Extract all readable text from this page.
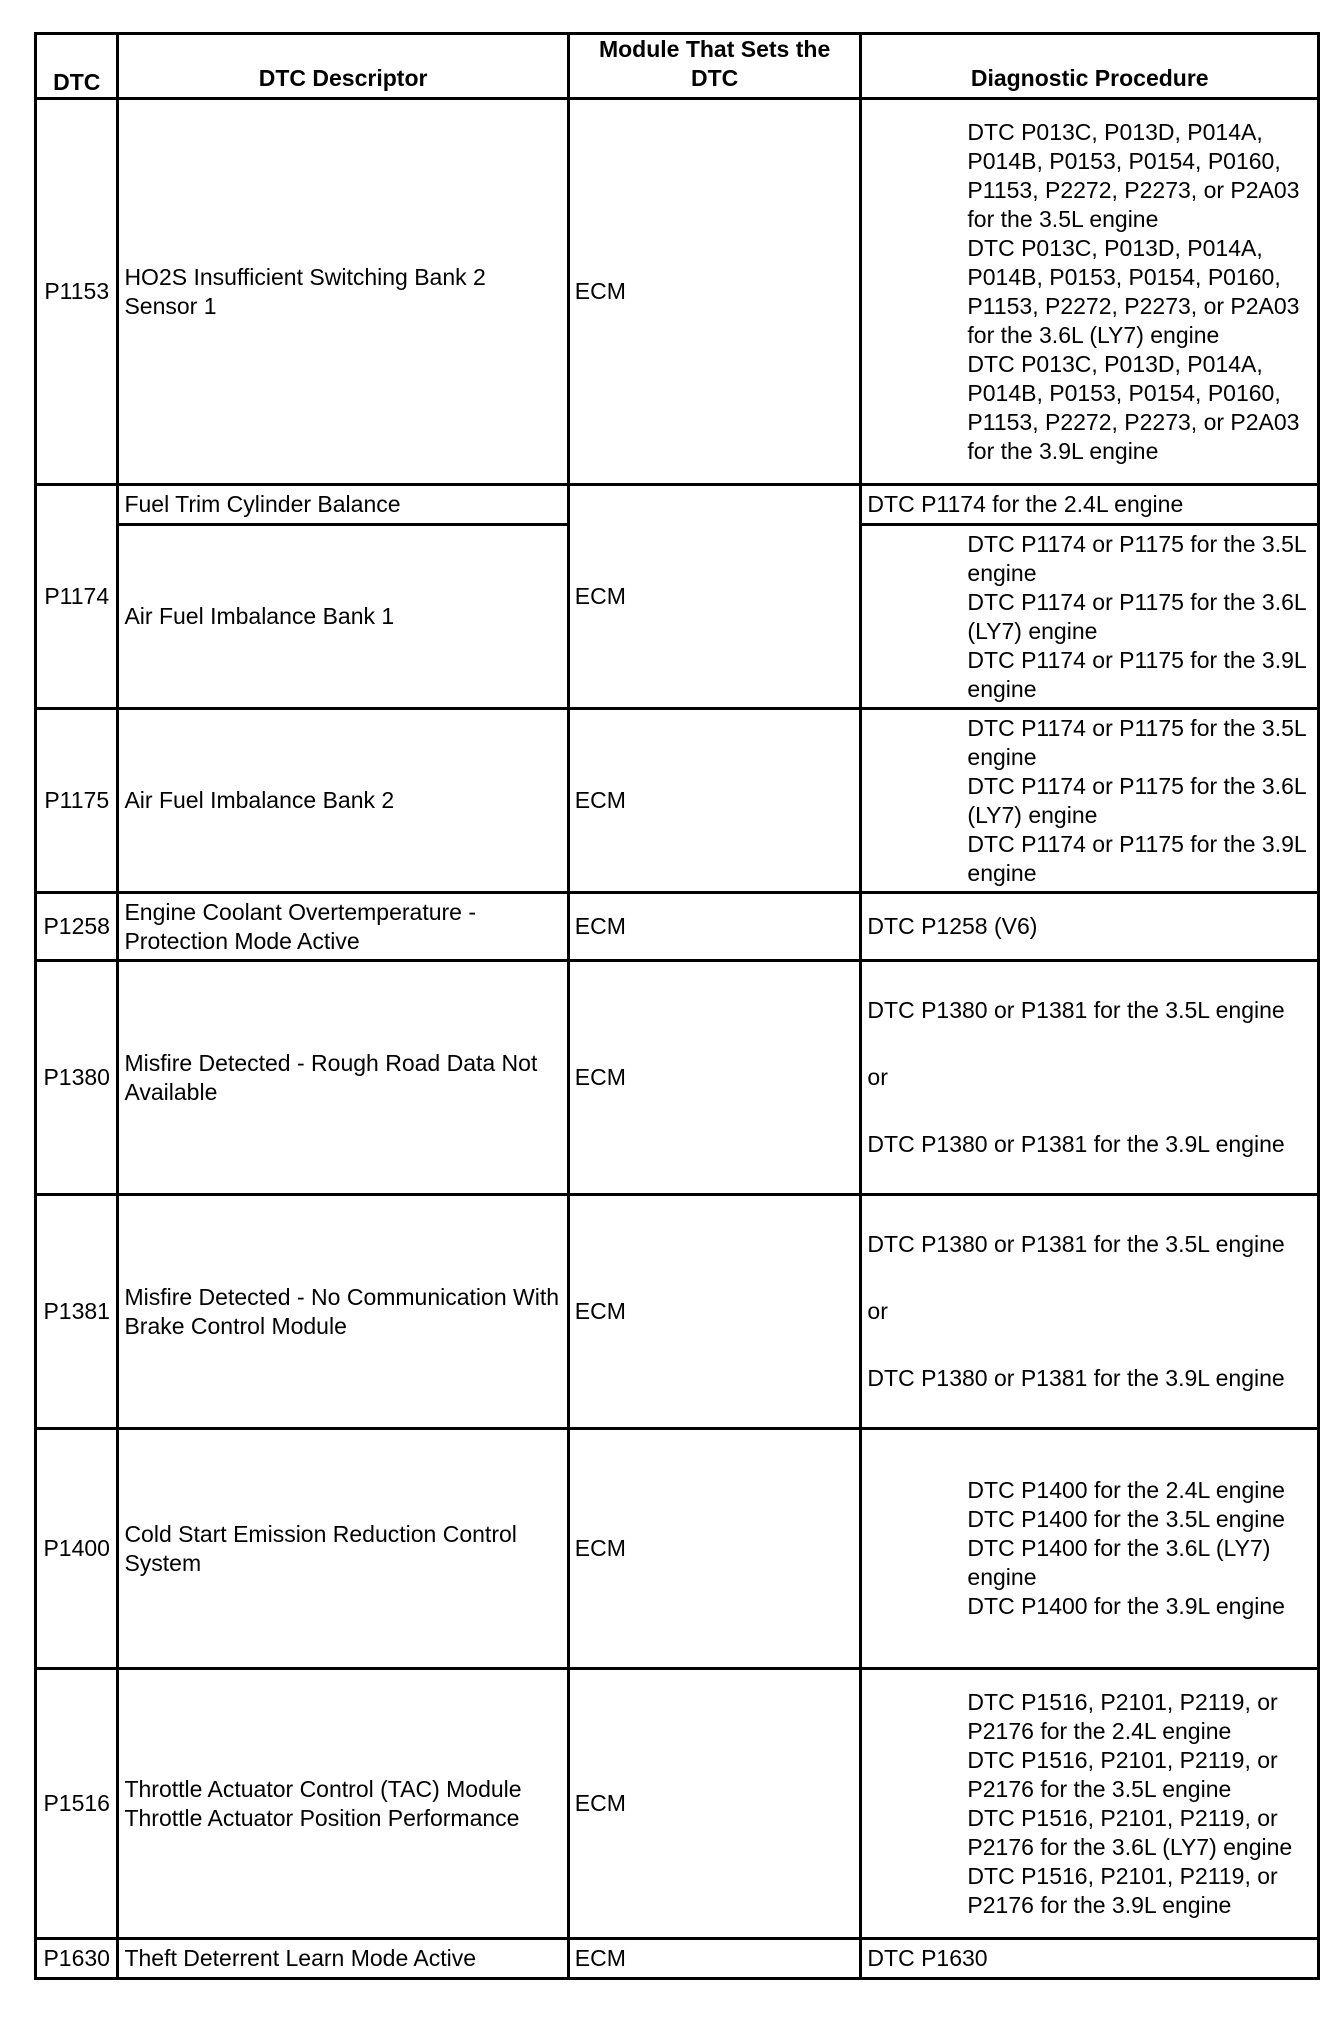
DTC	DTC Descriptor	Module That Sets the DTC	Diagnostic Procedure
P1153	HO2S Insufficient Switching Bank 2 Sensor 1	ECM	DTC P013C, P013D, P014A, P014B, P0153, P0154, P0160, P1153, P2272, P2273, or P2A03 for the 3.5L engine
DTC P013C, P013D, P014A, P014B, P0153, P0154, P0160, P1153, P2272, P2273, or P2A03 for the 3.6L (LY7) engine
DTC P013C, P013D, P014A, P014B, P0153, P0154, P0160, P1153, P2272, P2273, or P2A03 for the 3.9L engine

P1174	Fuel Trim Cylinder Balance	ECM	DTC P1174 for the 2.4L engine
	Air Fuel Imbalance Bank 1		DTC P1174 or P1175 for the 3.5L engine
DTC P1174 or P1175 for the 3.6L (LY7) engine
DTC P1174 or P1175 for the 3.9L engine

P1175	Air Fuel Imbalance Bank 2	ECM	DTC P1174 or P1175 for the 3.5L engine
DTC P1174 or P1175 for the 3.6L (LY7) engine
DTC P1174 or P1175 for the 3.9L engine

P1258	Engine Coolant Overtemperature - Protection Mode Active	ECM	DTC P1258 (V6)
P1380	Misfire Detected - Rough Road Data Not Available	ECM	DTC P1380 or P1381 for the 3.5L engine
or
DTC P1380 or P1381 for the 3.9L engine

P1381	Misfire Detected - No Communication With Brake Control Module	ECM	DTC P1380 or P1381 for the 3.5L engine
or
DTC P1380 or P1381 for the 3.9L engine

P1400	Cold Start Emission Reduction Control System	ECM	DTC P1400 for the 2.4L engine
DTC P1400 for the 3.5L engine
DTC P1400 for the 3.6L (LY7) engine
DTC P1400 for the 3.9L engine

P1516	Throttle Actuator Control (TAC) Module Throttle Actuator Position Performance	ECM	DTC P1516, P2101, P2119, or P2176 for the 2.4L engine
DTC P1516, P2101, P2119, or P2176 for the 3.5L engine
DTC P1516, P2101, P2119, or P2176 for the 3.6L (LY7) engine
DTC P1516, P2101, P2119, or P2176 for the 3.9L engine

P1630	Theft Deterrent Learn Mode Active	ECM	DTC P1630
